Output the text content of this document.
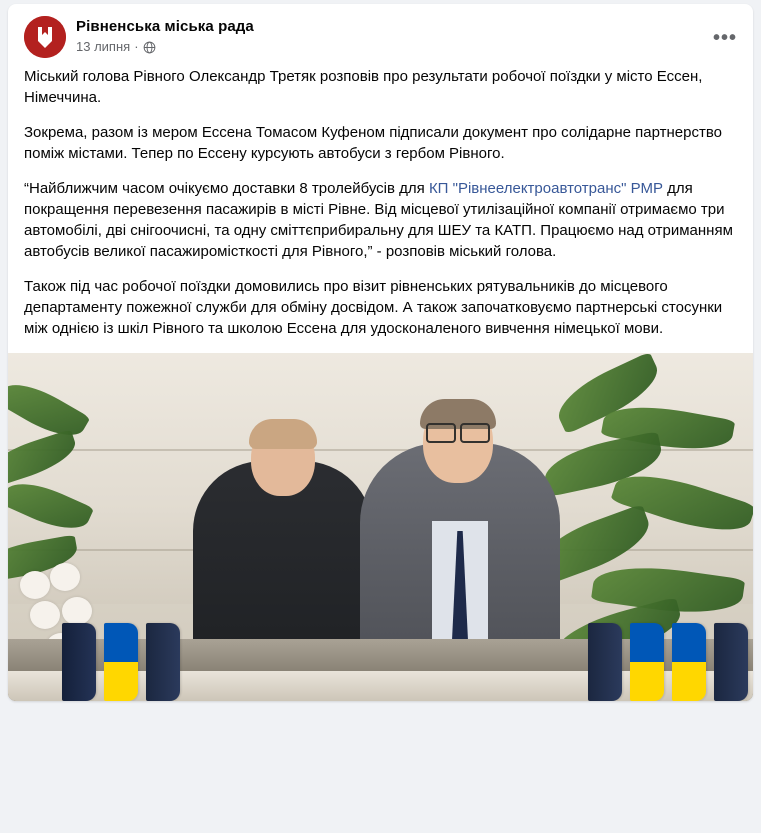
Рівненська міська рада
13 липня ·	•••

Міський голова Рівного Олександр Третяк розповів про результати робочої поїздки у місто Ессен, Німеччина.

Зокрема, разом із мером Ессена Томасом Куфеном підписали документ про солідарне партнерство поміж містами. Тепер по Ессену курсують автобуси з гербом Рівного.

“Найближчим часом очікуємо доставки 8 тролейбусів для КП "Рівнеелектроавтотранс" РМР для покращення перевезення пасажирів в місті Рівне. Від місцевої утилізаційної компанії отримаємо три автомобілі, дві снігоочисні, та одну сміттєприбиральну для ШЕУ та КАТП. Працюємо над отриманням автобусів великої пасажиромісткості для Рівного,” - розповів міський голова.

Також під час робочої поїздки домовились про візит рівненських рятувальників до місцевого департаменту пожежної служби для обміну досвідом. А також започатковуємо партнерські стосунки між однією із шкіл Рівного та школою Ессена для удосконаленого вивчення німецької мови.
